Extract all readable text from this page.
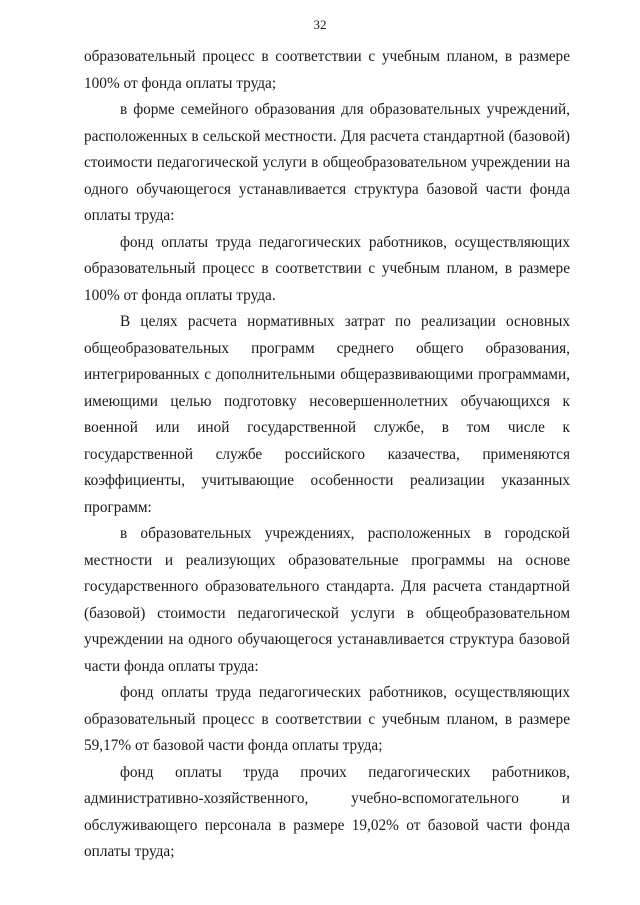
32

образовательный процесс в соответствии с учебным планом, в размере 100% от фонда оплаты труда;

в форме семейного образования для образовательных учреждений, расположенных в сельской местности. Для расчета стандартной (базовой) стоимости педагогической услуги в общеобразовательном учреждении на одного обучающегося устанавливается структура базовой части фонда оплаты труда:

фонд оплаты труда педагогических работников, осуществляющих образовательный процесс в соответствии с учебным планом, в размере 100% от фонда оплаты труда.

В целях расчета нормативных затрат по реализации основных общеобразовательных программ среднего общего образования, интегрированных с дополнительными общеразвивающими программами, имеющими целью подготовку несовершеннолетних обучающихся к военной или иной государственной службе, в том числе к государственной службе российского казачества, применяются коэффициенты, учитывающие особенности реализации указанных программ:

в образовательных учреждениях, расположенных в городской местности и реализующих образовательные программы на основе государственного образовательного стандарта. Для расчета стандартной (базовой) стоимости педагогической услуги в общеобразовательном учреждении на одного обучающегося устанавливается структура базовой части фонда оплаты труда:

фонд оплаты труда педагогических работников, осуществляющих образовательный процесс в соответствии с учебным планом, в размере 59,17% от базовой части фонда оплаты труда;

фонд оплаты труда прочих педагогических работников, административно-хозяйственного, учебно-вспомогательного и обслуживающего персонала в размере 19,02% от базовой части фонда оплаты труда;
